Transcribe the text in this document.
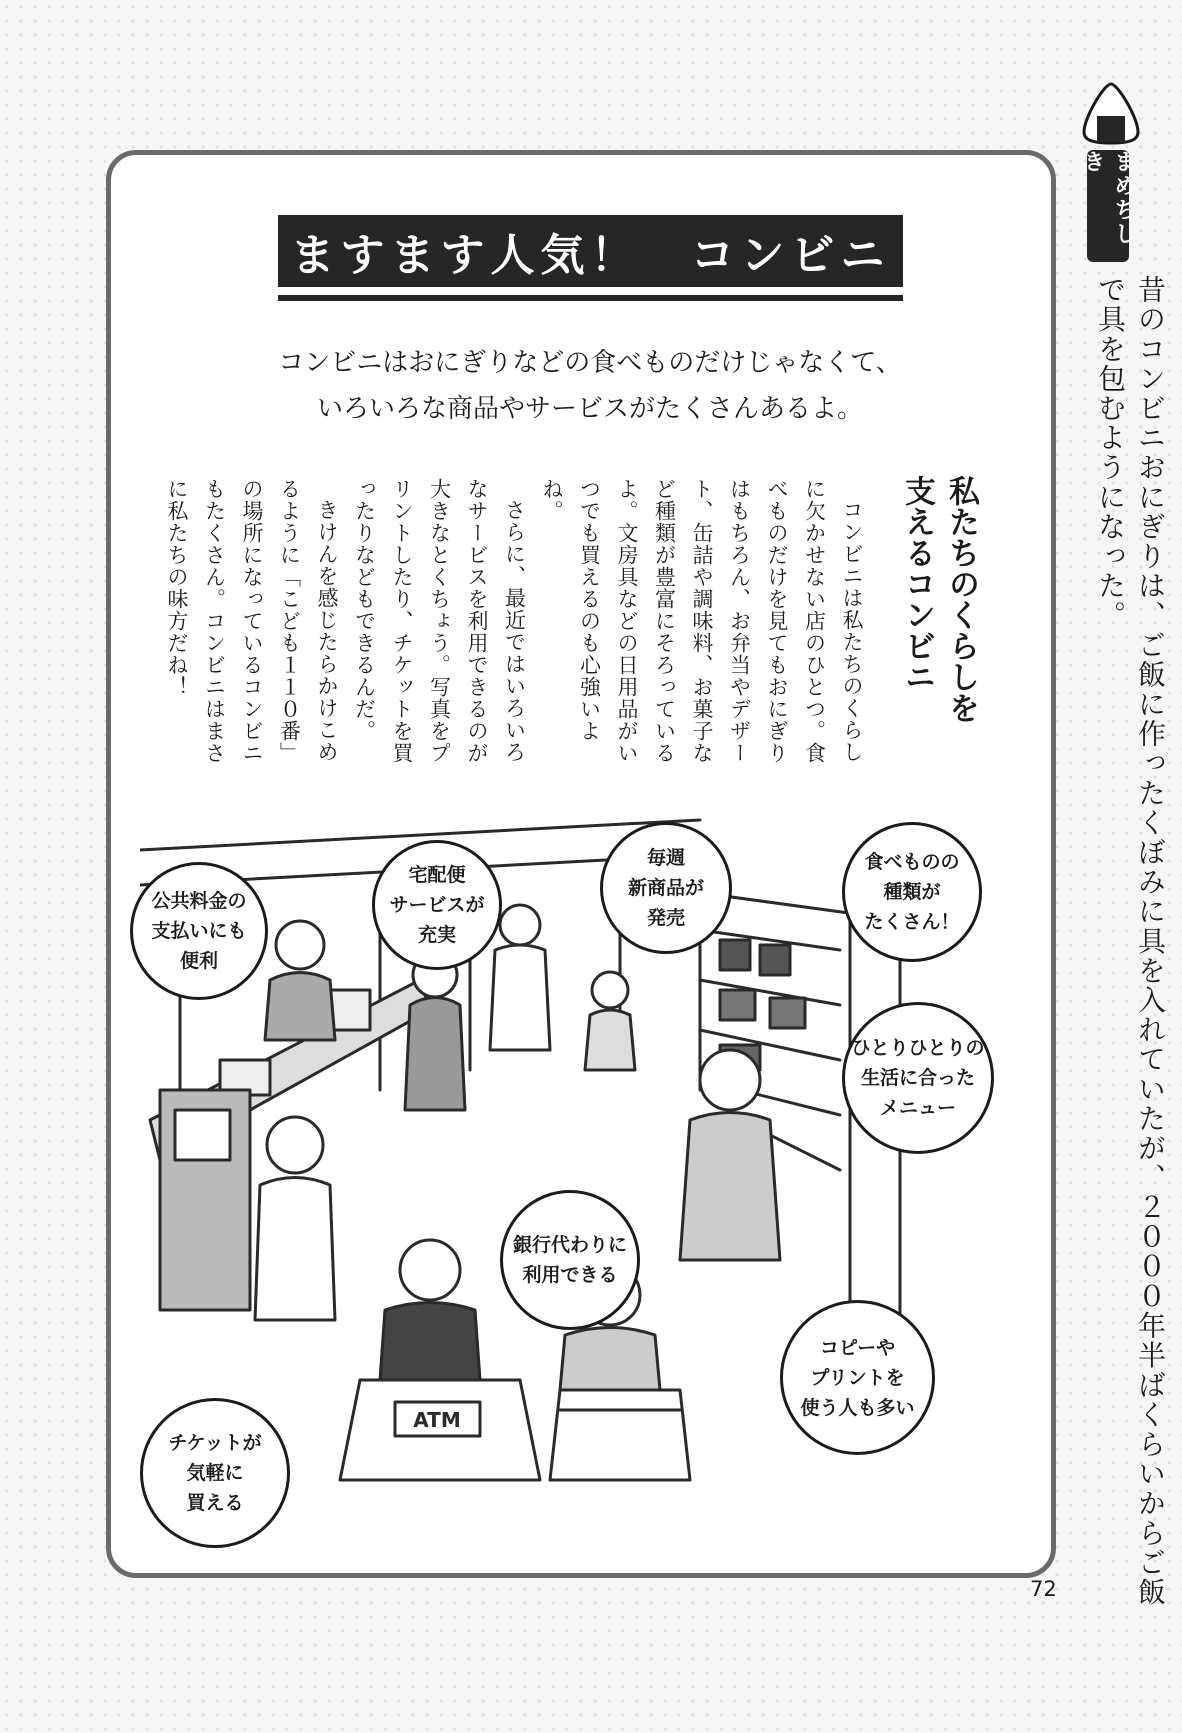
ますます人気！　コンビニ
コンビニはおにぎりなどの食べものだけじゃなくて、
いろいろな商品やサービスがたくさんあるよ。
私たちのくらしを
支えるコンビニ

コンビニは私たちのくらしに欠かせない店のひとつ。食べものだけを見てもおにぎりはもちろん、お弁当やデザート、缶詰や調味料、お菓子など種類が豊富にそろっているよ。文房具などの日用品がいつでも買えるのも心強いよね。

さらに、最近ではいろいろなサービスを利用できるのが大きなとくちょう。写真をプリントしたり、チケットを買ったりなどもできるんだ。

きけんを感じたらかけこめるように「こども１１０番」の場所になっているコンビニもたくさん。コンビニはまさに私たちの味方だね！

まめちしき
昔のコンビニおにぎりは、ご飯に作ったくぼみに具を入れていたが、２０００年半ばくらいからご飯で具を包むようになった。
ATM
公共料金の
支払いにも
便利
宅配便
サービスが
充実
毎週
新商品が
発売
食べものの
種類が
たくさん！
ひとりひとりの
生活に合った
メニュー
銀行代わりに
利用できる
コピーや
プリントを
使う人も多い
チケットが
気軽に
買える
72
